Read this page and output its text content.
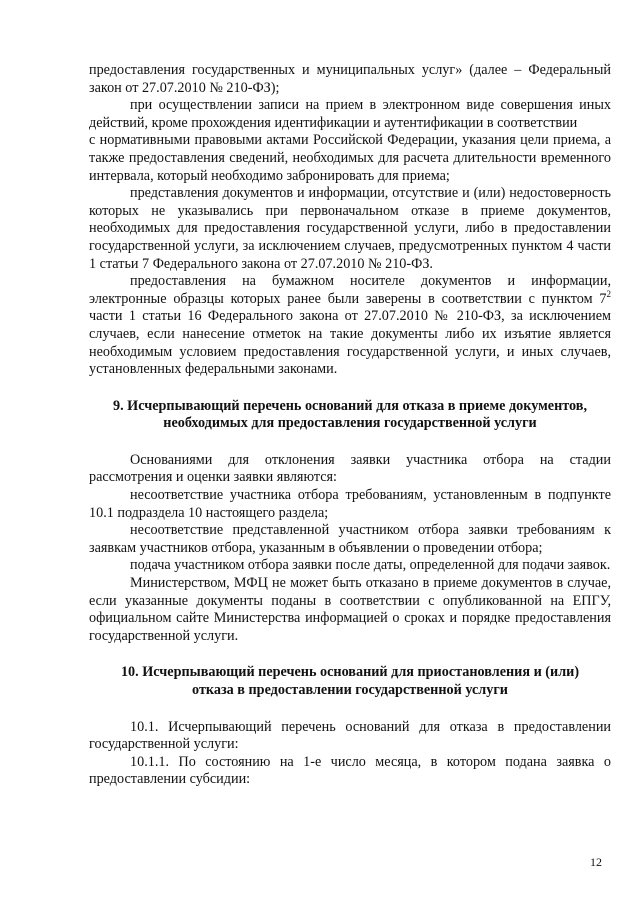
предоставления государственных и муниципальных услуг» (далее – Федеральный закон от 27.07.2010 № 210-ФЗ);

при осуществлении записи на прием в электронном виде совершения иных действий, кроме прохождения идентификации и аутентификации в соответствии

с нормативными правовыми актами Российской Федерации, указания цели приема, а также предоставления сведений, необходимых для расчета длительности временного интервала, который необходимо забронировать для приема;

представления документов и информации, отсутствие и (или) недостоверность которых не указывались при первоначальном отказе в приеме документов, необходимых для предоставления государственной услуги, либо в предоставлении государственной услуги, за исключением случаев, предусмотренных пунктом 4 части 1 статьи 7 Федерального закона от 27.07.2010 № 210-ФЗ.

предоставления на бумажном носителе документов и информации, электронные образцы которых ранее были заверены в соответствии с пунктом $7^2$ части 1 статьи 16 Федерального закона от 27.07.2010 № 210-ФЗ, за исключением случаев, если нанесение отметок на такие документы либо их изъятие является необходимым условием предоставления государственной услуги, и иных случаев, установленных федеральными законами.

9. Исчерпывающий перечень оснований для отказа в приеме документов,
необходимых для предоставления государственной услуги

Основаниями для отклонения заявки участника отбора на стадии рассмотрения и оценки заявки являются:

несоответствие участника отбора требованиям, установленным в подпункте 10.1 подраздела 10 настоящего раздела;

несоответствие представленной участником отбора заявки требованиям к заявкам участников отбора, указанным в объявлении о проведении отбора;

подача участником отбора заявки после даты, определенной для подачи заявок.

Министерством, МФЦ не может быть отказано в приеме документов в случае, если указанные документы поданы в соответствии с опубликованной на ЕПГУ, официальном сайте Министерства информацией о сроках и порядке предоставления государственной услуги.

10. Исчерпывающий перечень оснований для приостановления и (или)
отказа в предоставлении государственной услуги

10.1. Исчерпывающий перечень оснований для отказа в предоставлении государственной услуги:

10.1.1. По состоянию на 1-е число месяца, в котором подана заявка о предоставлении субсидии:

12
